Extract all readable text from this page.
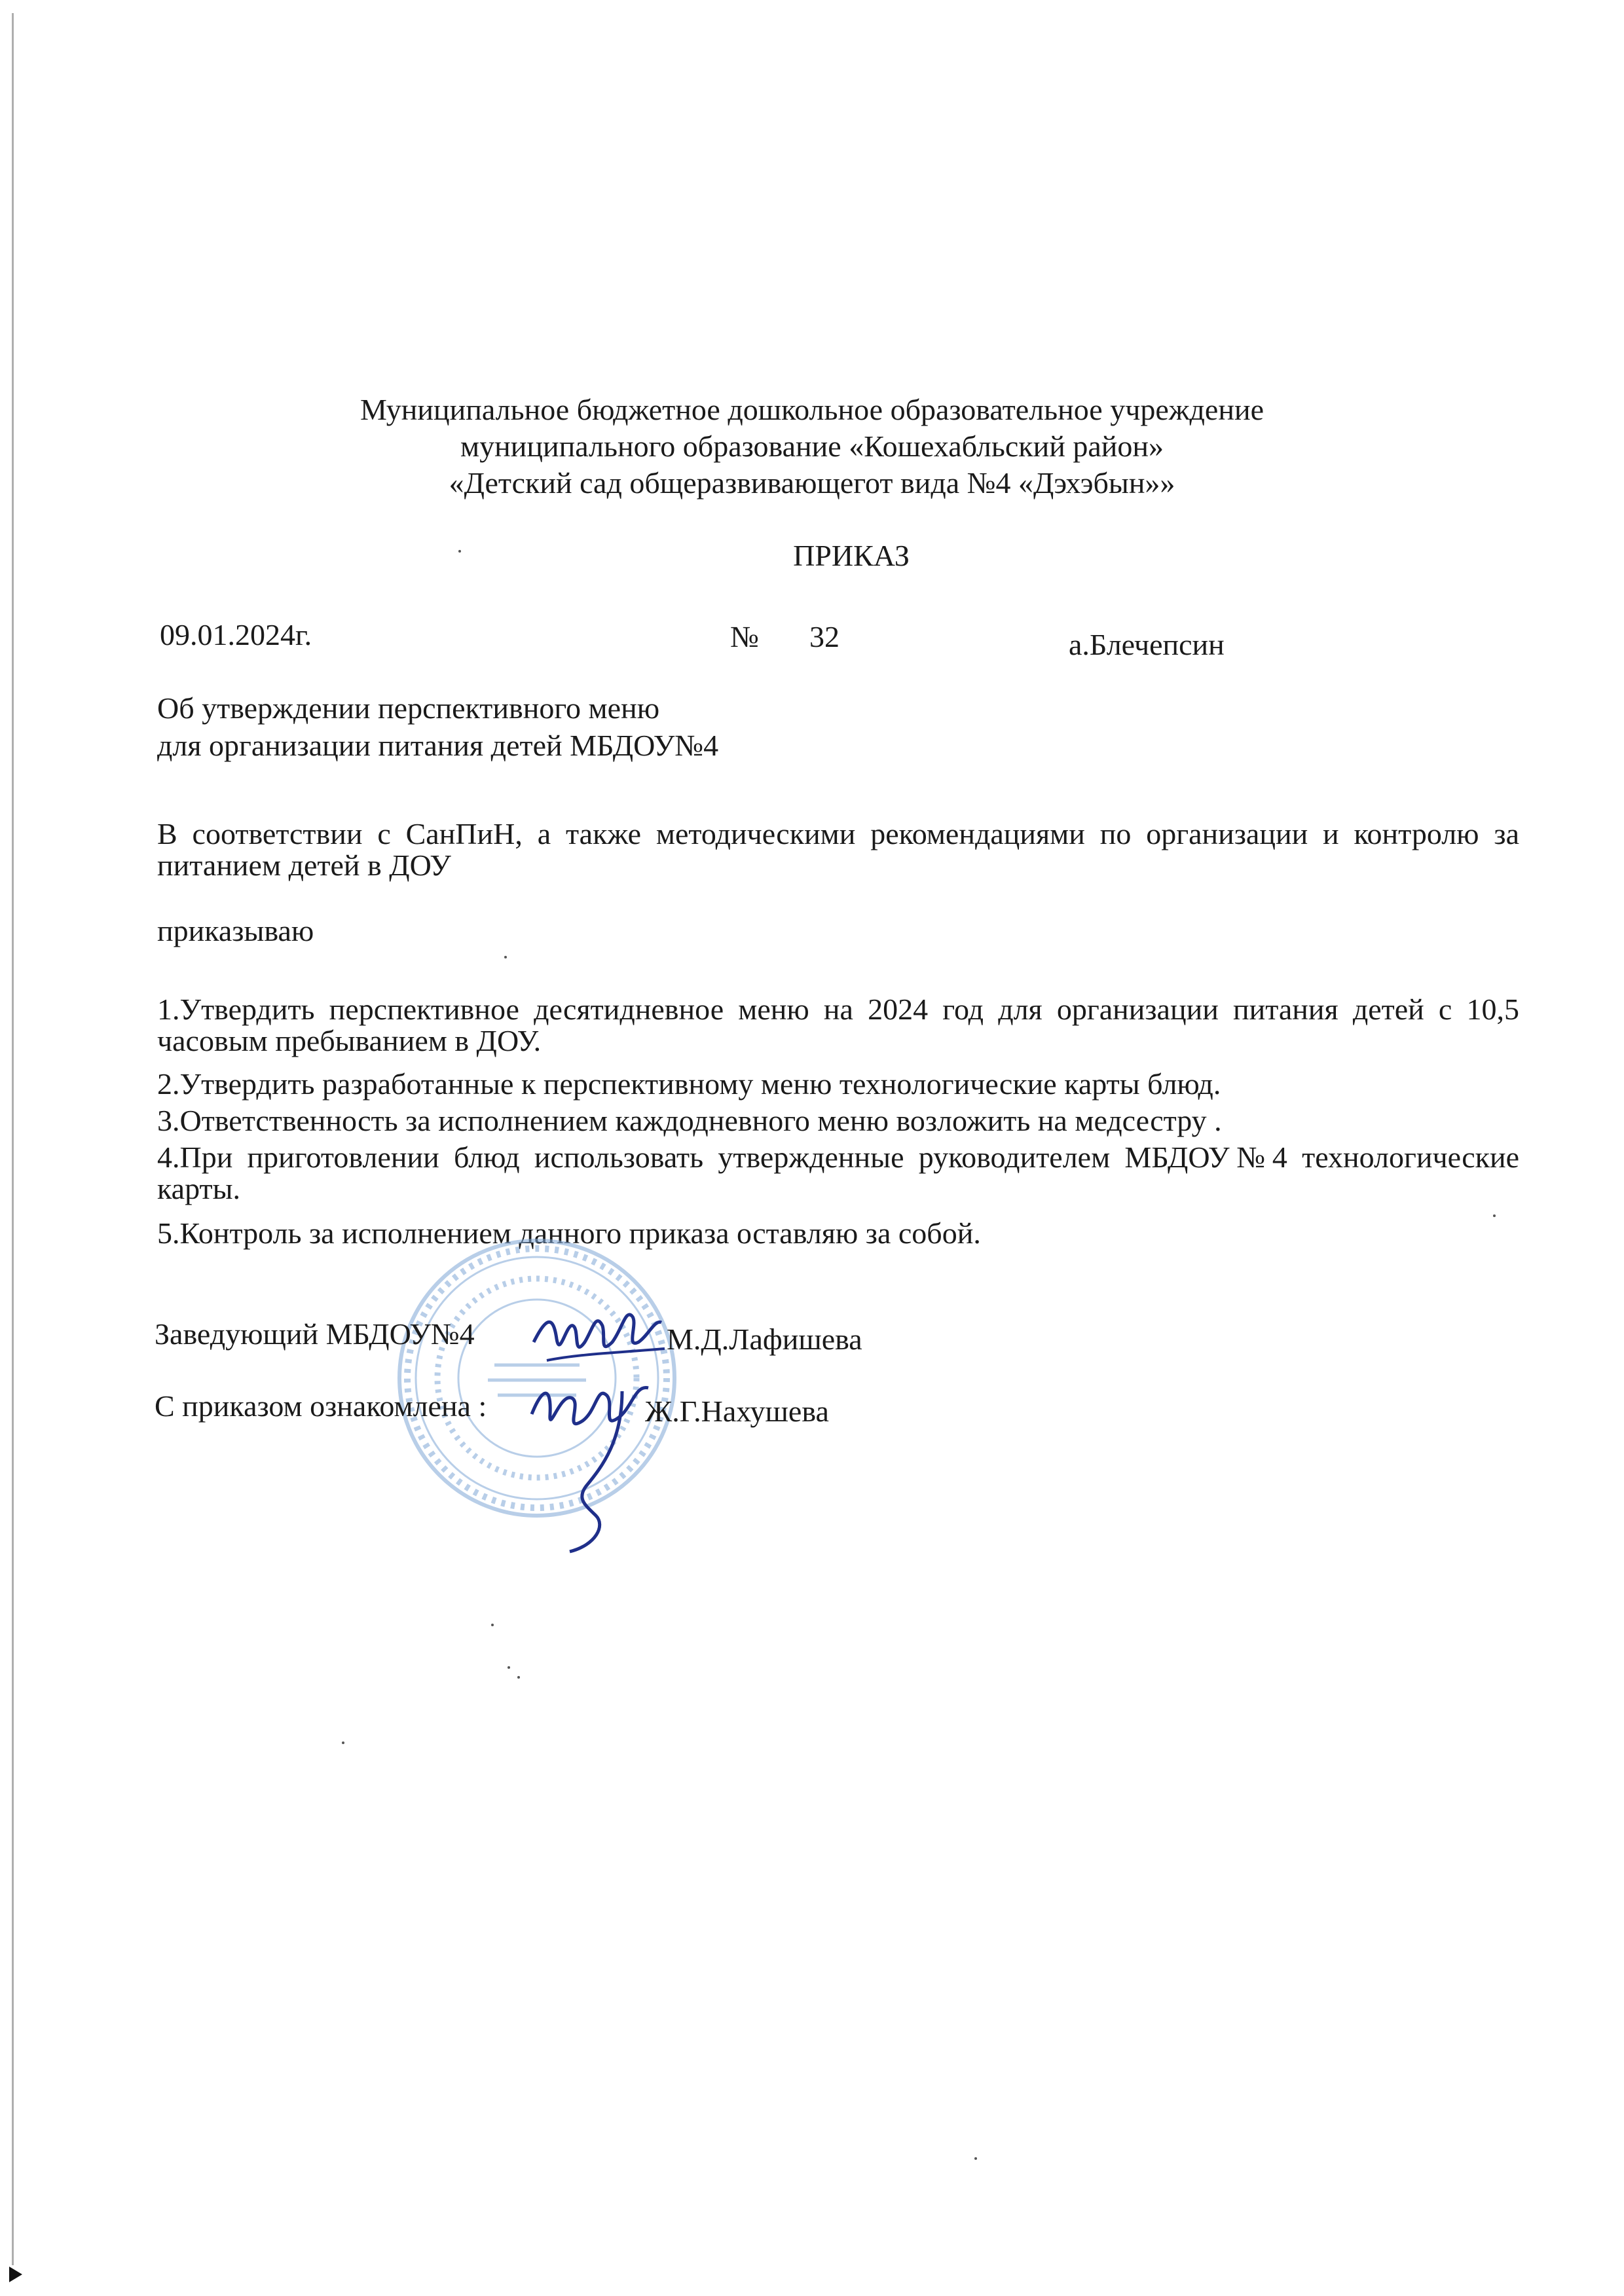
Муниципальное бюджетное дошкольное образовательное учреждение
муниципального образование «Кошехабльский район»
«Детский сад общеразвивающегот вида №4 «Дэхэбын»»
ПРИКАЗ
09.01.2024г.	№ 32	а.Блечепсин
Об утверждении перспективного меню
для организации питания детей МБДОУ№4
В соответствии с СанПиН, а также методическими рекомендациями по организации и контролю за питанием детей в ДОУ
приказываю
1.Утвердить перспективное десятидневное меню на 2024 год для организации питания детей с 10,5 часовым пребыванием в ДОУ.
2.Утвердить разработанные к перспективному меню технологические карты блюд.
3.Ответственность за исполнением каждодневного меню возложить на медсестру .
4.При приготовлении блюд использовать утвержденные руководителем МБДОУ№4 технологические карты.
5.Контроль за исполнением данного приказа оставляю за собой.
Заведующий МБДОУ№4	М.Д.Лафишева
С приказом ознакомлена :	Ж.Г.Нахушева
